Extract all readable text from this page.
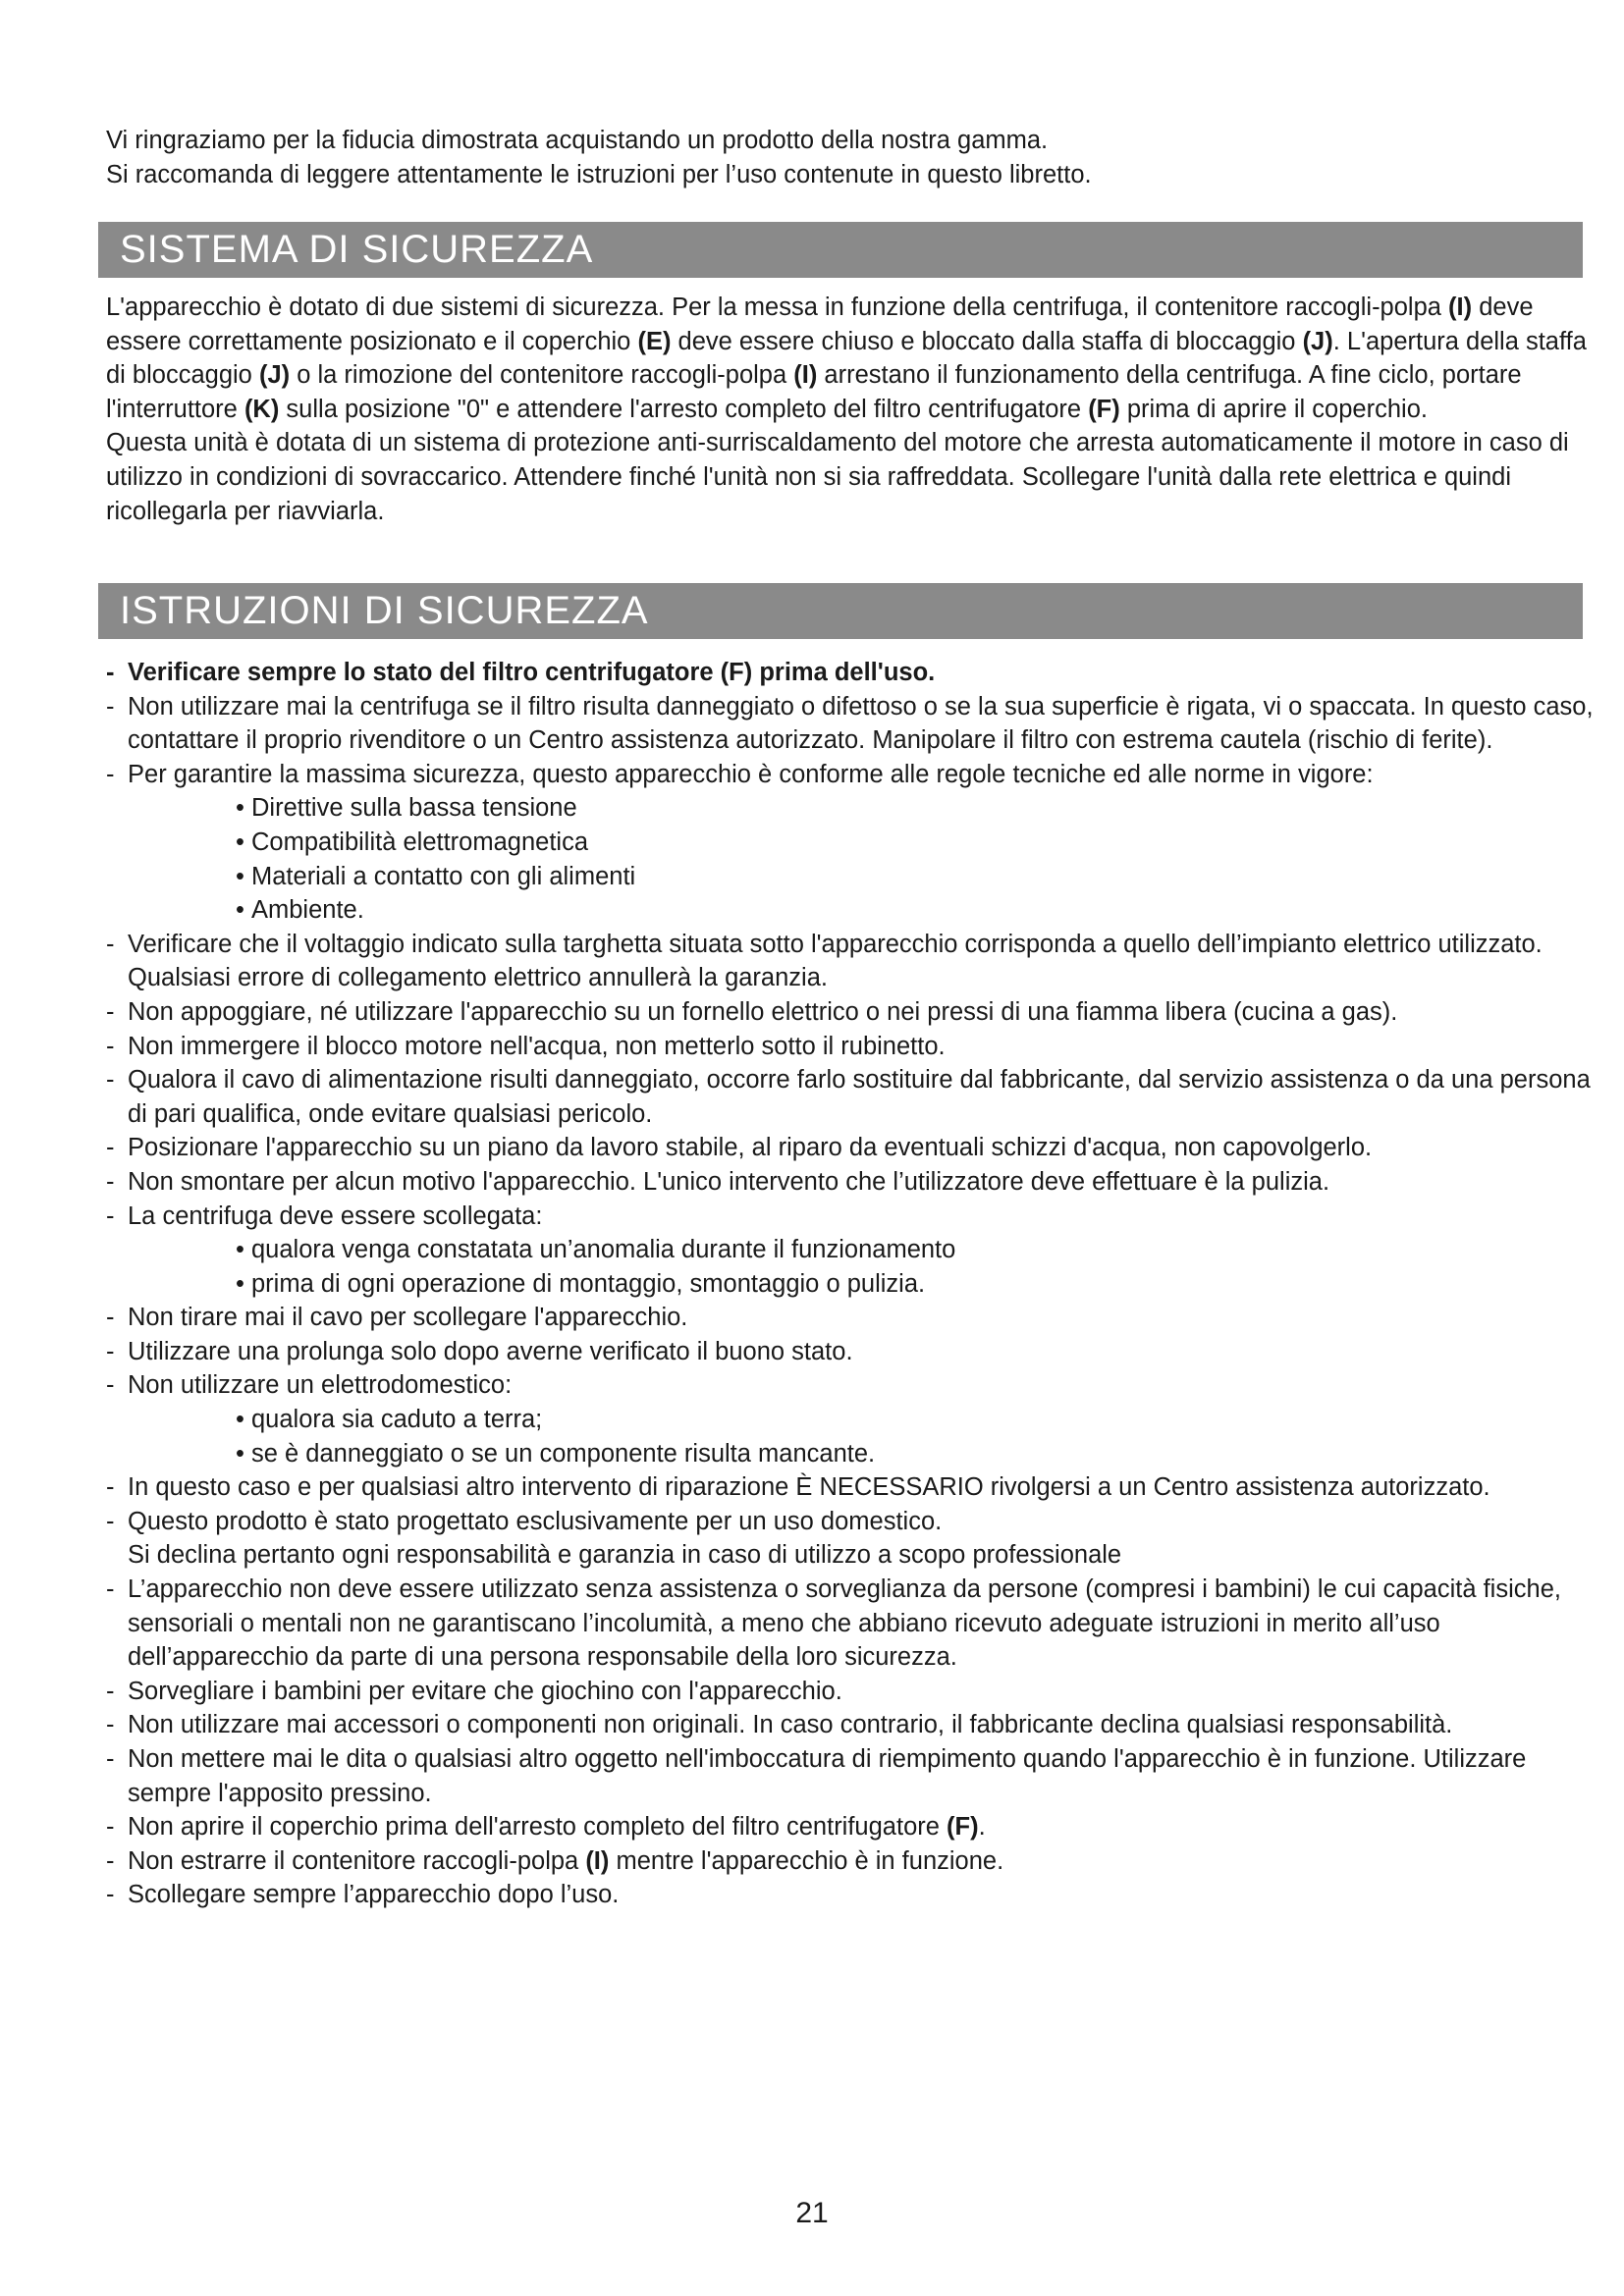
Vi ringraziamo per la fiducia dimostrata acquistando un prodotto della nostra gamma.

Si raccomanda di leggere attentamente le istruzioni per l’uso contenute in questo libretto.

SISTEMA DI SICUREZZA

L'apparecchio è dotato di due sistemi di sicurezza. Per la messa in funzione della centrifuga, il contenitore raccogli-polpa (I) deve essere correttamente posizionato e il coperchio (E) deve essere chiuso e bloccato dalla staffa di bloccaggio (J). L'apertura della staffa di bloccaggio (J) o la rimozione del contenitore raccogli-polpa (I) arrestano il funzionamento della centrifuga. A fine ciclo, portare l'interruttore (K) sulla posizione "0" e attendere l'arresto completo del filtro centrifugatore (F) prima di aprire il coperchio.

Questa unità è dotata di un sistema di protezione anti-surriscaldamento del motore che arresta automaticamente il motore in caso di utilizzo in condizioni di sovraccarico. Attendere finché l'unità non si sia raffreddata. Scollegare l'unità dalla rete elettrica e quindi ricollegarla per riavviarla.

ISTRUZIONI DI SICUREZZA

- Verificare sempre lo stato del filtro centrifugatore (F) prima dell'uso.

- Non utilizzare mai la centrifuga se il filtro risulta danneggiato o difettoso o se la sua superficie è rigata, vi o spaccata. In questo caso, contattare il proprio rivenditore o un Centro assistenza autorizzato. Manipolare il filtro con estrema cautela (rischio di ferite).

- Per garantire la massima sicurezza, questo apparecchio è conforme alle regole tecniche ed alle norme in vigore:

• Direttive sulla bassa tensione
• Compatibilità elettromagnetica
• Materiali a contatto con gli alimenti
• Ambiente.

- Verificare che il voltaggio indicato sulla targhetta situata sotto l'apparecchio corrisponda a quello dell’impianto elettrico utilizzato. Qualsiasi errore di collegamento elettrico annullerà la garanzia.

- Non appoggiare, né utilizzare l'apparecchio su un fornello elettrico o nei pressi di una fiamma libera (cucina a gas).

- Non immergere il blocco motore nell'acqua, non metterlo sotto il rubinetto.

- Qualora il cavo di alimentazione risulti danneggiato, occorre farlo sostituire dal fabbricante, dal servizio assistenza o da una persona di pari qualifica, onde evitare qualsiasi pericolo.

- Posizionare l'apparecchio su un piano da lavoro stabile, al riparo da eventuali schizzi d'acqua, non capovolgerlo.

- Non smontare per alcun motivo l'apparecchio. L'unico intervento che l’utilizzatore deve effettuare è la pulizia.

- La centrifuga deve essere scollegata:

• qualora venga constatata un’anomalia durante il funzionamento
• prima di ogni operazione di montaggio, smontaggio o pulizia.

- Non tirare mai il cavo per scollegare l'apparecchio.

- Utilizzare una prolunga solo dopo averne verificato il buono stato.

- Non utilizzare un elettrodomestico:

• qualora sia caduto a terra;
• se è danneggiato o se un componente risulta mancante.

- In questo caso e per qualsiasi altro intervento di riparazione È NECESSARIO rivolgersi a un Centro assistenza autorizzato.

- Questo prodotto è stato progettato esclusivamente per un uso domestico.
Si declina pertanto ogni responsabilità e garanzia in caso di utilizzo a scopo professionale

- L’apparecchio non deve essere utilizzato senza assistenza o sorveglianza da persone (compresi i bambini) le cui capacità fisiche, sensoriali o mentali non ne garantiscano l’incolumità, a meno che abbiano ricevuto adeguate istruzioni in merito all’uso dell’apparecchio da parte di una persona responsabile della loro sicurezza.

- Sorvegliare i bambini per evitare che giochino con l'apparecchio.

- Non utilizzare mai accessori o componenti non originali. In caso contrario, il fabbricante declina qualsiasi responsabilità.

- Non mettere mai le dita o qualsiasi altro oggetto nell'imboccatura di riempimento quando l'apparecchio è in funzione. Utilizzare sempre l'apposito pressino.

- Non aprire il coperchio prima dell'arresto completo del filtro centrifugatore (F).

- Non estrarre il contenitore raccogli-polpa (I) mentre l'apparecchio è in funzione.

- Scollegare sempre l’apparecchio dopo l’uso.

21
